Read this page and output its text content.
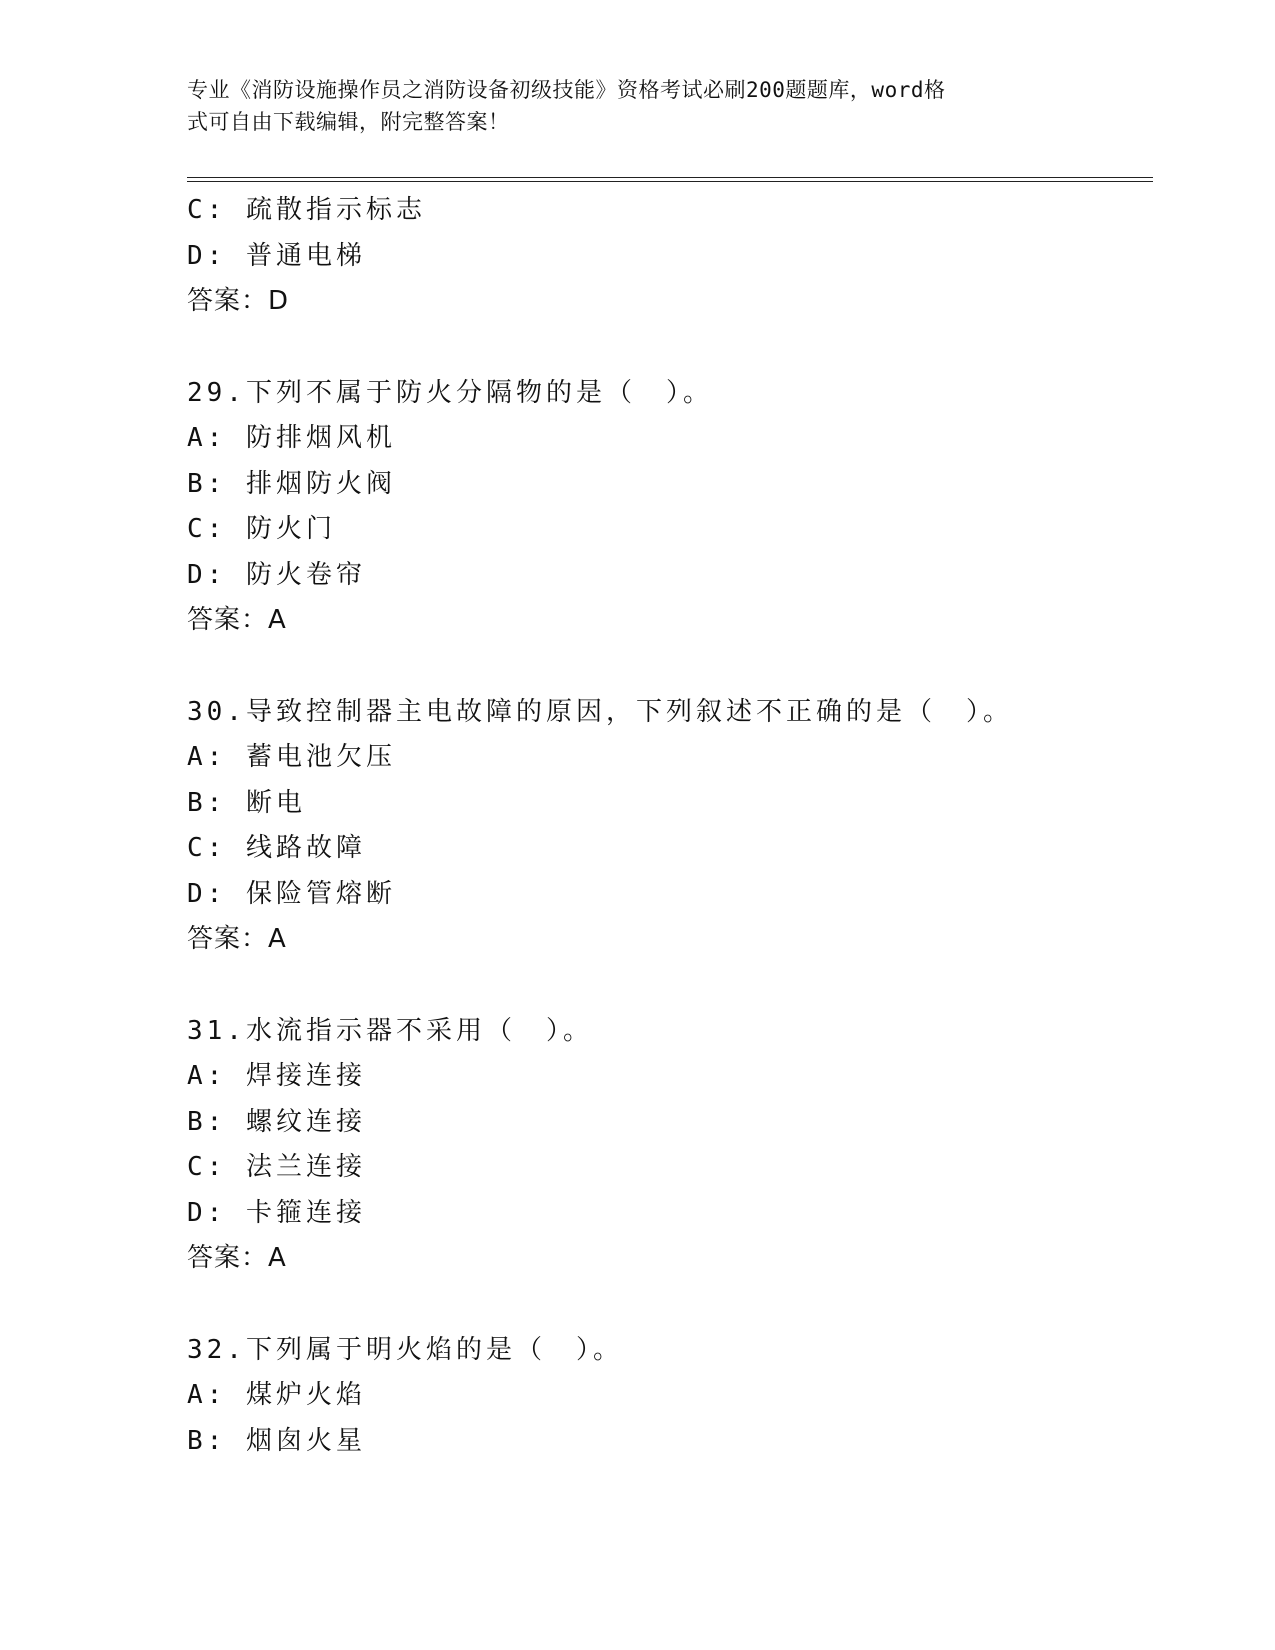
专业《消防设施操作员之消防设备初级技能》资格考试必刷200题题库，word格
式可自由下载编辑，附完整答案！
C: 疏散指示标志
D: 普通电梯
答案：D
29.下列不属于防火分隔物的是（　）。
A: 防排烟风机
B: 排烟防火阀
C: 防火门
D: 防火卷帘
答案：A
30.导致控制器主电故障的原因，下列叙述不正确的是（　）。
A: 蓄电池欠压
B: 断电
C: 线路故障
D: 保险管熔断
答案：A
31.水流指示器不采用（　）。
A: 焊接连接
B: 螺纹连接
C: 法兰连接
D: 卡箍连接
答案：A
32.下列属于明火焰的是（　）。
A: 煤炉火焰
B: 烟囱火星
